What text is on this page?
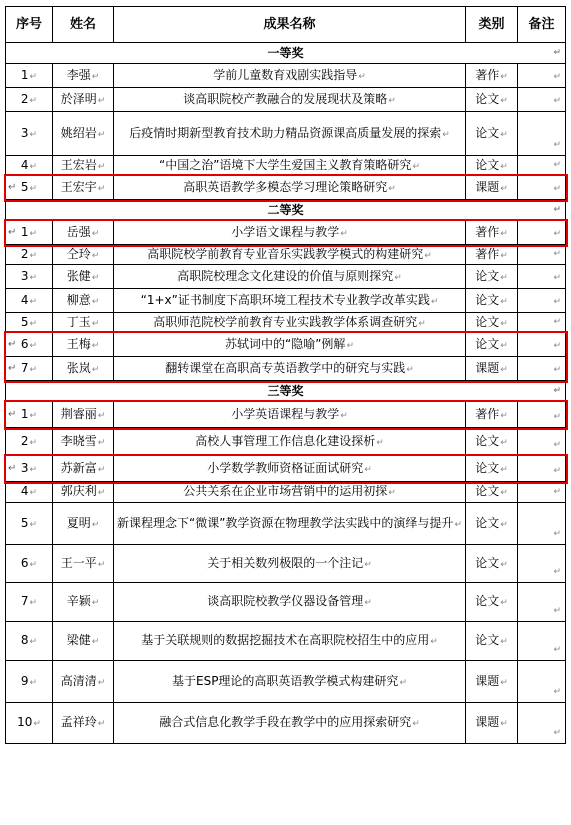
序号	姓名	成果名称	类别	备注
一等奖 ↵				

1↵	李强↵	学前儿童数育戏剧实践指导↵	著作↵	↵

2↵	於泽明↵	谈高职院校产教融合的发展现状及策略↵	论文↵	↵

3↵	姚绍岩↵	后疫情时期新型教育技术助力精品资源课高质量发展的探索↵	论文↵	↵

4↵	王宏岩↵	“中国之治”语境下大学生爱国主义教育策略研究↵	论文↵	↵

↵ 5↵	王宏宇↵	高职英语教学多模态学习理论策略研究↵	课题↵	↵

二等奖 ↵				

↵ 1↵	岳强↵	小学语文课程与教学↵	著作↵	↵

2↵	仝玲↵	高职院校学前教育专业音乐实践教学模式的构建研究↵	著作↵	↵

3↵	张健↵	高职院校理念文化建设的价值与原则探究↵	论文↵	↵

4↵	柳意↵	“1+x”证书制度下高职环境工程技术专业教学改革实践↵	论文↵	↵

5↵	丁玉↵	高职师范院校学前教育专业实践教学体系调查研究↵	论文↵	↵

↵ 6↵	王梅↵	苏轼词中的“隐喻”例解↵	论文↵	↵

↵ 7↵	张岚↵	翻转课堂在高职高专英语教学中的研究与实践↵	课题↵	↵

三等奖 ↵				

↵ 1↵	荆睿丽↵	小学英语课程与教学↵	著作↵	↵

2↵	李晓雪↵	高校人事管理工作信息化建设探析↵	论文↵	↵

↵ 3↵	苏新富↵	小学数学教师资格证面试研究↵	论文↵	↵

4↵	郭庆利↵	公共关系在企业市场营销中的运用初探↵	论文↵	↵

5↵	夏明↵	新课程理念下“微课”教学资源在物理教学法实践中的演绎与提升↵	论文↵	↵

6↵	王一平↵	关于相关数列极限的一个注记↵	论文↵	↵

7↵	辛颖↵	谈高职院校教学仪器设备管理↵	论文↵	↵

8↵	梁健↵	基于关联规则的数据挖掘技术在高职院校招生中的应用↵	论文↵	↵

9↵	高清清↵	基于ESP理论的高职英语教学模式构建研究↵	课题↵	↵

10↵	孟祥玲↵	融合式信息化教学手段在教学中的应用探索研究↵	课题↵	↵
